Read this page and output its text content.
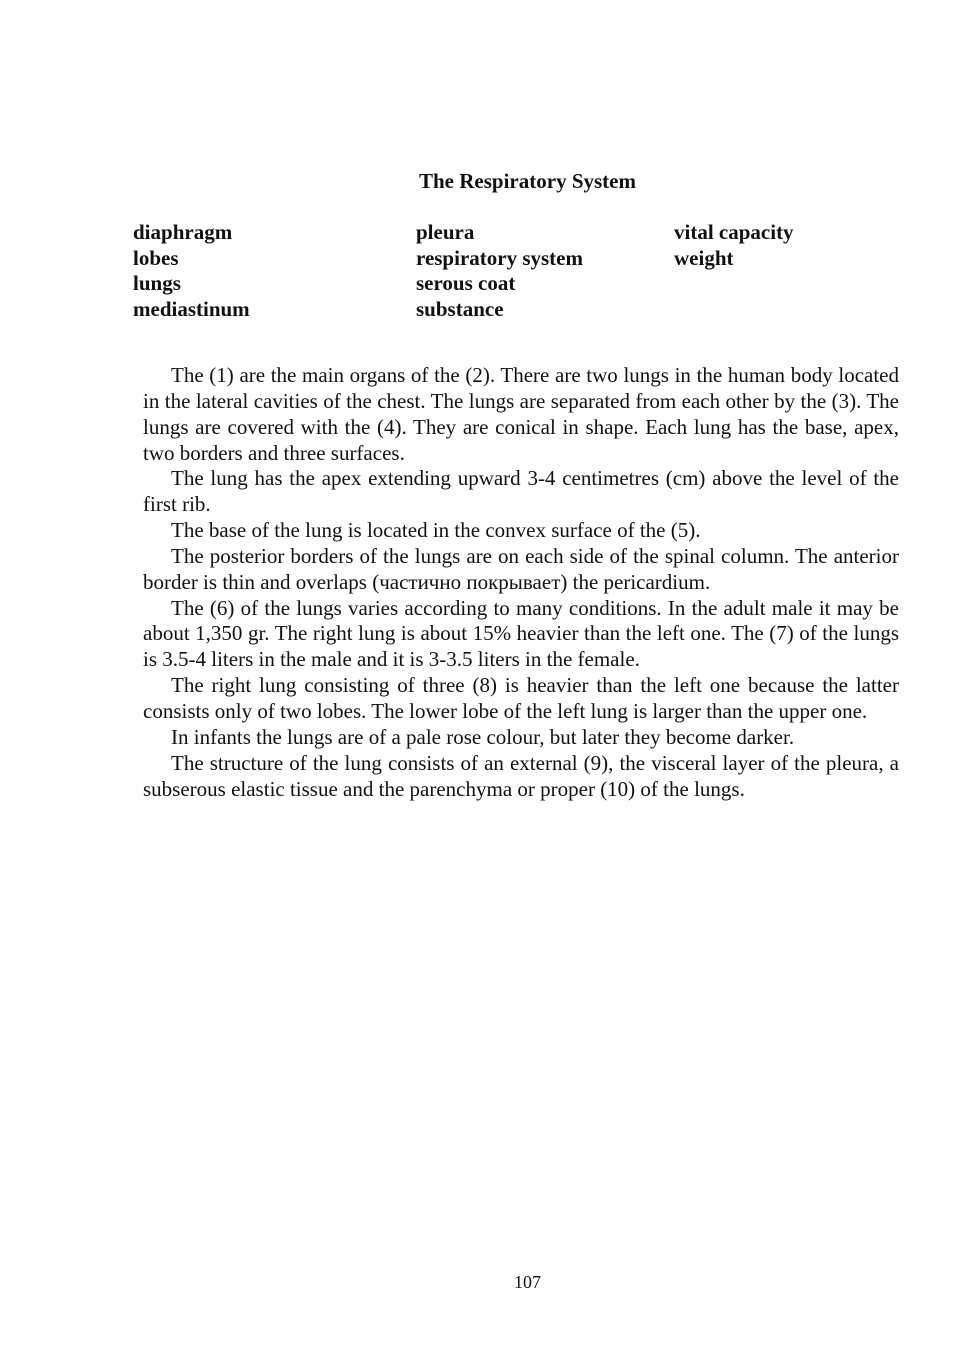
The Respiratory System
diaphragm	pleura	vital capacity
lobes	respiratory system	weight
lungs	serous coat
mediastinum	substance

The (1) are the main organs of the (2). There are two lungs in the human body located in the lateral cavities of the chest. The lungs are separated from each other by the (3). The lungs are covered with the (4). They are conical in shape. Each lung has the base, apex, two borders and three surfaces.

The lung has the apex extending upward 3-4 centimetres (cm) above the level of the first rib.

The base of the lung is located in the convex surface of the (5).

The posterior borders of the lungs are on each side of the spinal column. The anterior border is thin and overlaps (частично покрывает) the pericardium.

The (6) of the lungs varies according to many conditions. In the adult male it may be about 1,350 gr. The right lung is about 15% heavier than the left one. The (7) of the lungs is 3.5-4 liters in the male and it is 3-3.5 liters in the female.

The right lung consisting of three (8) is heavier than the left one because the latter consists only of two lobes. The lower lobe of the left lung is larger than the upper one.

In infants the lungs are of a pale rose colour, but later they become darker.

The structure of the lung consists of an external (9), the visceral layer of the pleura, a subserous elastic tissue and the parenchyma or proper (10) of the lungs.

107
